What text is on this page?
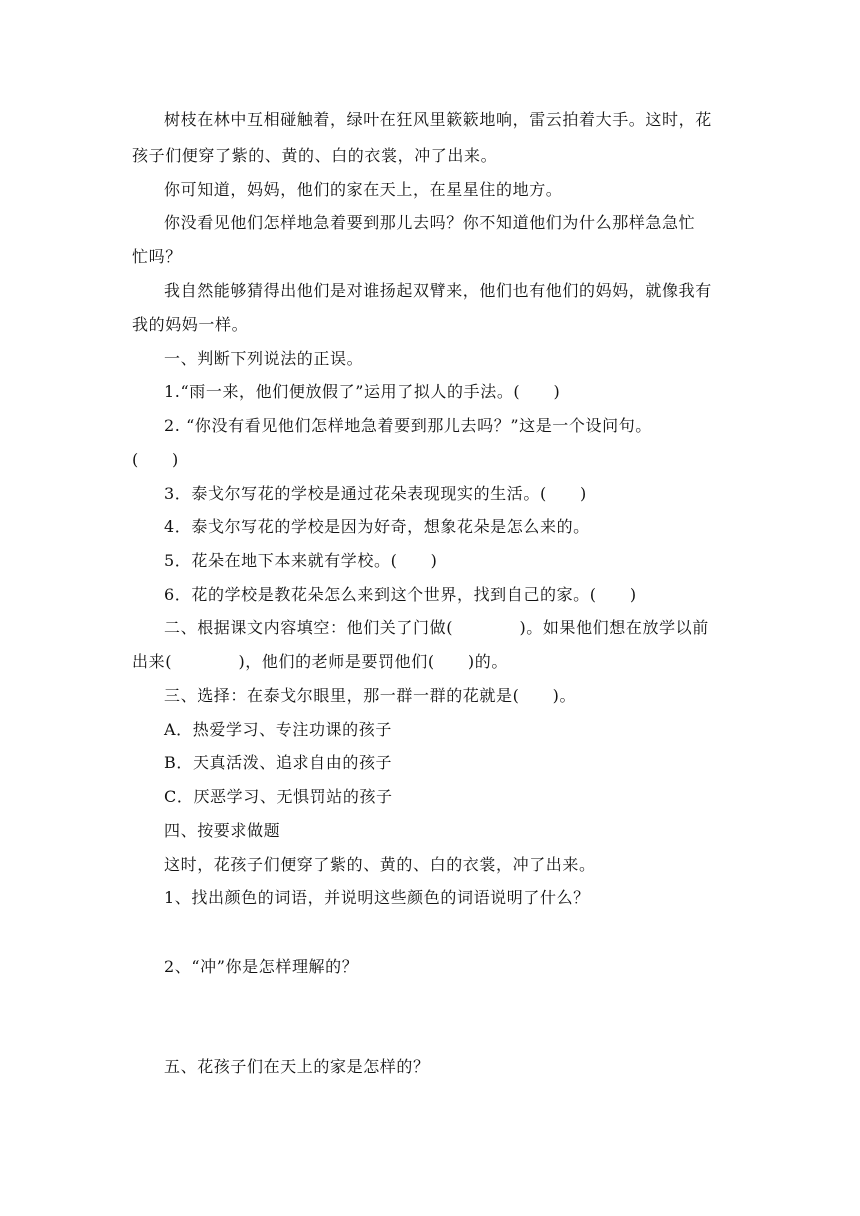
树枝在林中互相碰触着，绿叶在狂风里簌簌地响，雷云拍着大手。这时，花
孩子们便穿了紫的、黄的、白的衣裳，冲了出来。
你可知道，妈妈，他们的家在天上，在星星住的地方。
你没看见他们怎样地急着要到那儿去吗？你不知道他们为什么那样急急忙
忙吗？
我自然能够猜得出他们是对谁扬起双臂来，他们也有他们的妈妈，就像我有
我的妈妈一样。
一、判断下列说法的正误。
1.“雨一来，他们便放假了”运用了拟人的手法。(　　)
2. “你没有看见他们怎样地急着要到那儿去吗？”这是一个设问句。
(　　)
3．泰戈尔写花的学校是通过花朵表现现实的生活。(　　)
4．泰戈尔写花的学校是因为好奇，想象花朵是怎么来的。
5．花朵在地下本来就有学校。(　　)
6．花的学校是教花朵怎么来到这个世界，找到自己的家。(　　)
二、根据课文内容填空：他们关了门做(　　　　)。如果他们想在放学以前
出来(　　　　)，他们的老师是要罚他们(　　)的。
三、选择：在泰戈尔眼里，那一群一群的花就是(　　)。
A．热爱学习、专注功课的孩子
B．天真活泼、追求自由的孩子
C．厌恶学习、无惧罚站的孩子
四、按要求做题
这时，花孩子们便穿了紫的、黄的、白的衣裳，冲了出来。
1、找出颜色的词语，并说明这些颜色的词语说明了什么？
2、“冲”你是怎样理解的？
五、花孩子们在天上的家是怎样的？
